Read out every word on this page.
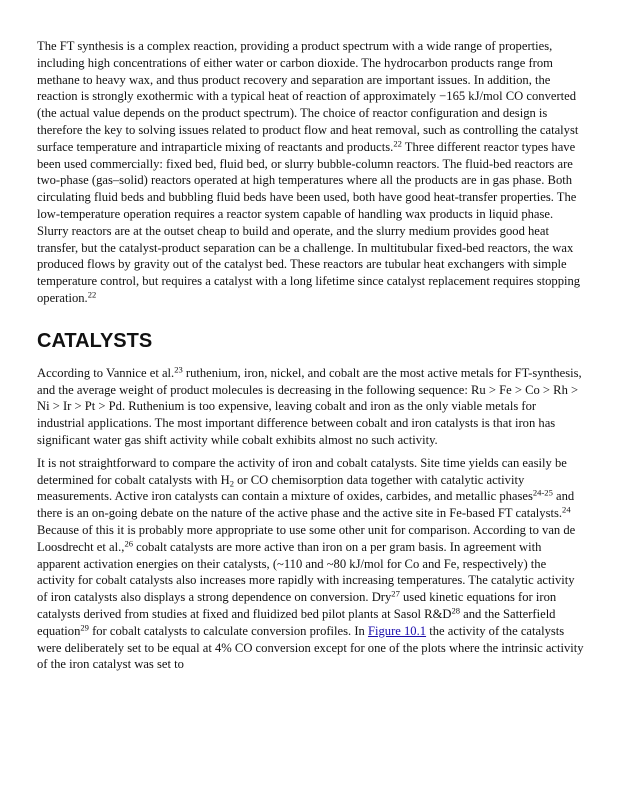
The FT synthesis is a complex reaction, providing a product spectrum with a wide range of properties, including high concentrations of either water or carbon dioxide. The hydrocarbon products range from methane to heavy wax, and thus product recovery and separation are important issues. In addition, the reaction is strongly exothermic with a typical heat of reaction of approximately −165 kJ/mol CO converted (the actual value depends on the product spectrum). The choice of reactor configuration and design is therefore the key to solving issues related to product flow and heat removal, such as controlling the catalyst surface temperature and intraparticle mixing of reactants and products.$^{22}$ Three different reactor types have been used commercially: fixed bed, fluid bed, or slurry bubble-column reactors. The fluid-bed reactors are two-phase (gas–solid) reactors operated at high temperatures where all the products are in gas phase. Both circulating fluid beds and bubbling fluid beds have been used, both have good heat-transfer properties. The low-temperature operation requires a reactor system capable of handling wax products in liquid phase. Slurry reactors are at the outset cheap to build and operate, and the slurry medium provides good heat transfer, but the catalyst-product separation can be a challenge. In multitubular fixed-bed reactors, the wax produced flows by gravity out of the catalyst bed. These reactors are tubular heat exchangers with simple temperature control, but requires a catalyst with a long lifetime since catalyst replacement requires stopping operation.$^{22}$

CATALYSTS

According to Vannice et al.$^{23}$ ruthenium, iron, nickel, and cobalt are the most active metals for FT-synthesis, and the average weight of product molecules is decreasing in the following sequence: Ru > Fe > Co > Rh > Ni > Ir > Pt > Pd. Ruthenium is too expensive, leaving cobalt and iron as the only viable metals for industrial applications. The most important difference between cobalt and iron catalysts is that iron has significant water gas shift activity while cobalt exhibits almost no such activity.

It is not straightforward to compare the activity of iron and cobalt catalysts. Site time yields can easily be determined for cobalt catalysts with $H_2$ or CO chemisorption data together with catalytic activity measurements. Active iron catalysts can contain a mixture of oxides, carbides, and metallic phases$^{24-25}$ and there is an on-going debate on the nature of the active phase and the active site in Fe-based FT catalysts.$^{24}$ Because of this it is probably more appropriate to use some other unit for comparison. According to van de Loosdrecht et al.,$^{26}$ cobalt catalysts are more active than iron on a per gram basis. In agreement with apparent activation energies on their catalysts, (~110 and ~80 kJ/mol for Co and Fe, respectively) the activity for cobalt catalysts also increases more rapidly with increasing temperatures. The catalytic activity of iron catalysts also displays a strong dependence on conversion. Dry$^{27}$ used kinetic equations for iron catalysts derived from studies at fixed and fluidized bed pilot plants at Sasol $R\&D^{28}$ and the Satterfield equation$^{29}$ for cobalt catalysts to calculate conversion profiles. In Figure 10.1 the activity of the catalysts were deliberately set to be equal at 4% CO conversion except for one of the plots where the intrinsic activity of the iron catalyst was set to
